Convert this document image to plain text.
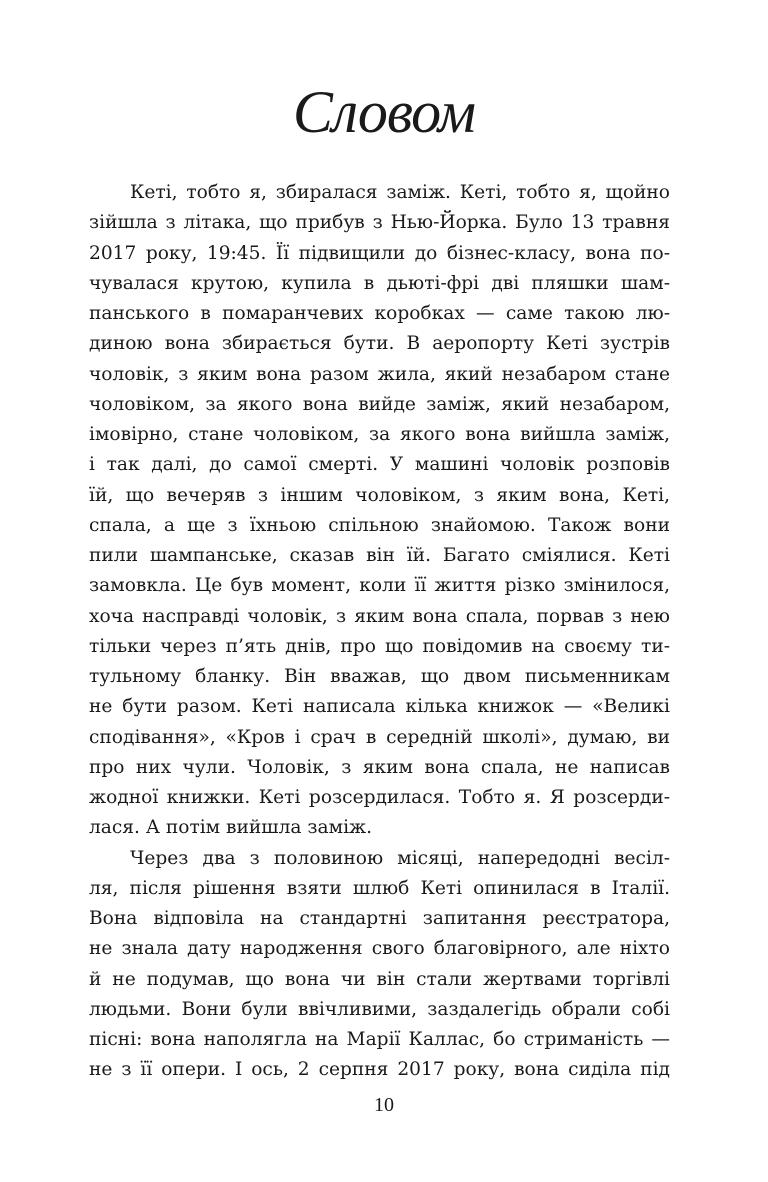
Словом
Кеті, тобто я, збиралася заміж. Кеті, тобто я, щойно
зійшла з літака, що прибув з Нью-Йорка. Було 13 травня
2017 року, 19:45. Її підвищили до бізнес-класу, вона по-
чувалася крутою, купила в дьюті-фрі дві пляшки шам-
панського в помаранчевих коробках — саме такою лю-
диною вона збирається бути. В аеропорту Кеті зустрів
чоловік, з яким вона разом жила, який незабаром стане
чоловіком, за якого вона вийде заміж, який незабаром,
імовірно, стане чоловіком, за якого вона вийшла заміж,
і так далі, до самої смерті. У машині чоловік розповів
їй, що вечеряв з іншим чоловіком, з яким вона, Кеті,
спала, а ще з їхньою спільною знайомою. Також вони
пили шампанське, сказав він їй. Багато сміялися. Кеті
замовкла. Це був момент, коли її життя різко змінилося,
хоча насправді чоловік, з яким вона спала, порвав з нею
тільки через п’ять днів, про що повідомив на своєму ти-
тульному бланку. Він вважав, що двом письменникам
не бути разом. Кеті написала кілька книжок — «Великі
сподівання», «Кров і срач в середній школі», думаю, ви
про них чули. Чоловік, з яким вона спала, не написав
жодної книжки. Кеті розсердилася. Тобто я. Я розсерди-
лася. А потім вийшла заміж.
Через два з половиною місяці, напередодні весіл-
ля, після рішення взяти шлюб Кеті опинилася в Італії.
Вона відповіла на стандартні запитання реєстратора,
не знала дату народження свого благовірного, але ніхто
й не подумав, що вона чи він стали жертвами торгівлі
людьми. Вони були ввічливими, заздалегідь обрали собі
пісні: вона наполягла на Марії Каллас, бо стриманість —
не з її опери. І ось, 2 серпня 2017 року, вона сиділа під
10
